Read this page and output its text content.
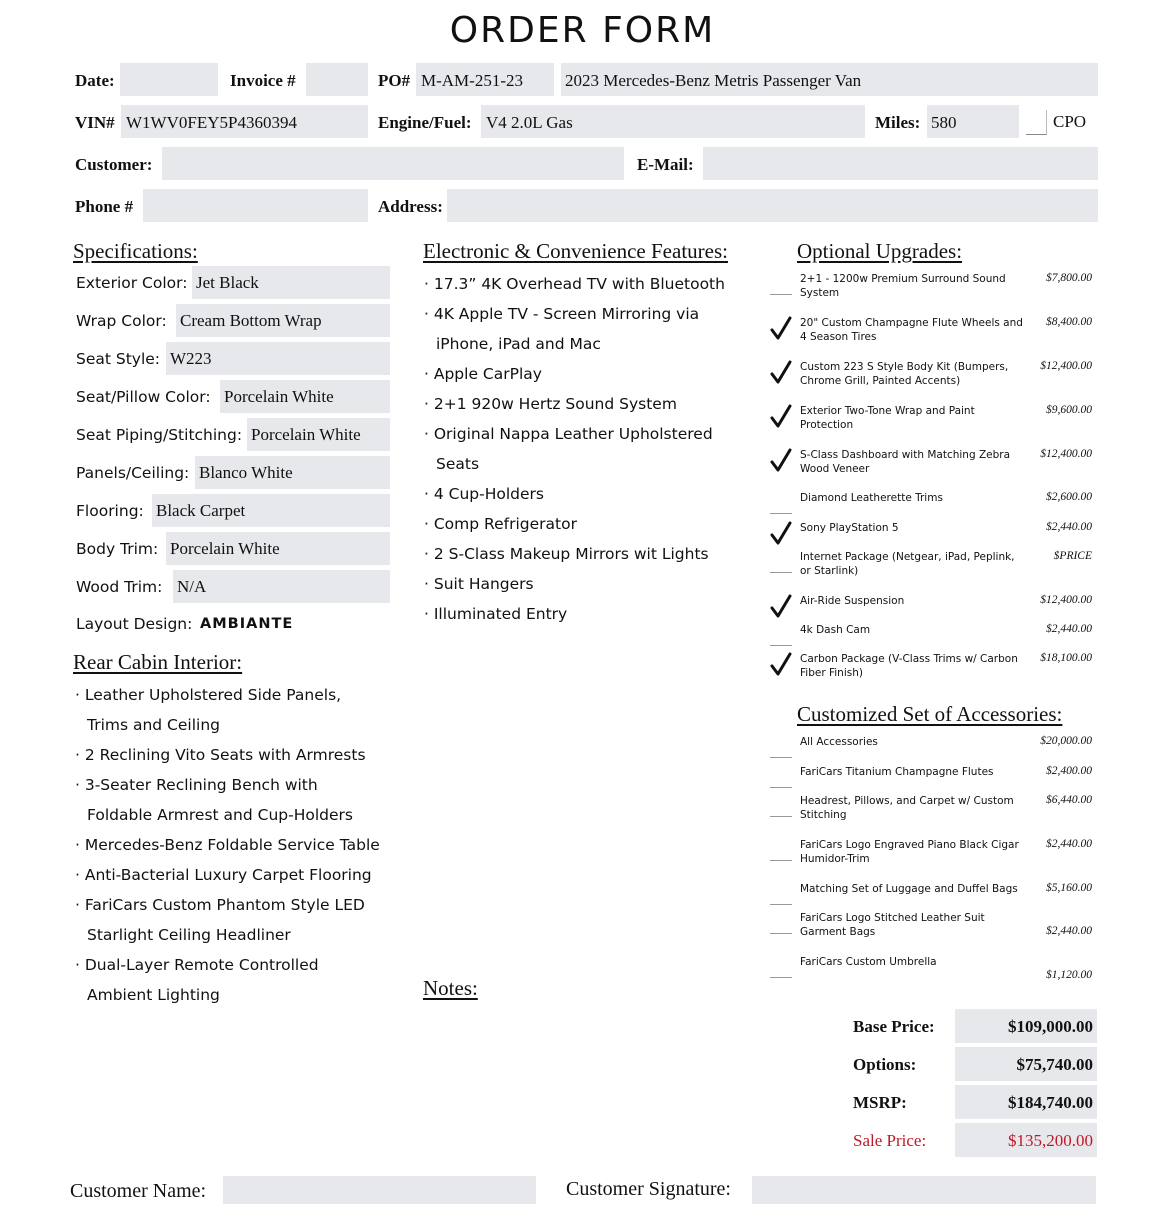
ORDER FORM
Date:	Invoice #	PO# M-AM-251-23 2023 Mercedes-Benz Metris Passenger Van
VIN# W1WV0FEY5P4360394	Engine/Fuel: V4 2.0L Gas	Miles: 580	CPO
Customer:	E-Mail:
Phone #	Address:
Specifications:
Exterior Color: Jet Black
Wrap Color: Cream Bottom Wrap
Seat Style: W223
Seat/Pillow Color: Porcelain White
Seat Piping/Stitching: Porcelain White
Panels/Ceiling: Blanco White
Flooring: Black Carpet
Body Trim: Porcelain White
Wood Trim: N/A
Layout Design: AMBIANTE
Rear Cabin Interior:
· Leather Upholstered Side Panels,
Trims and Ceiling
· 2 Reclining Vito Seats with Armrests
· 3-Seater Reclining Bench with
Foldable Armrest and Cup-Holders
· Mercedes-Benz Foldable Service Table
· Anti-Bacterial Luxury Carpet Flooring
· FariCars Custom Phantom Style LED
Starlight Ceiling Headliner
· Dual-Layer Remote Controlled
Ambient Lighting
Electronic & Convenience Features:
· 17.3” 4K Overhead TV with Bluetooth
· 4K Apple TV - Screen Mirroring via
iPhone, iPad and Mac
· Apple CarPlay
· 2+1 920w Hertz Sound System
· Original Nappa Leather Upholstered
Seats
· 4 Cup-Holders
· Comp Refrigerator
· 2 S-Class Makeup Mirrors wit Lights
· Suit Hangers
· Illuminated Entry
Notes:
Optional Upgrades:
2+1 - 1200w Premium Surround Sound System
$7,800.00
20" Custom Champagne Flute Wheels and 4 Season Tires
$8,400.00
Custom 223 S Style Body Kit (Bumpers, Chrome Grill, Painted Accents)
$12,400.00
Exterior Two-Tone Wrap and Paint Protection
$9,600.00
S-Class Dashboard with Matching Zebra Wood Veneer
$12,400.00
Diamond Leatherette Trims	$2,600.00
Sony PlayStation 5	$2,440.00
Internet Package (Netgear, iPad, Peplink, or Starlink)
$PRICE
Air-Ride Suspension	$12,400.00
4k Dash Cam	$2,440.00
Carbon Package (V-Class Trims w/ Carbon Fiber Finish)
$18,100.00
Customized Set of Accessories:
All Accessories	$20,000.00
FariCars Titanium Champagne Flutes	$2,400.00
Headrest, Pillows, and Carpet w/ Custom Stitching
$6,440.00
FariCars Logo Engraved Piano Black Cigar Humidor-Trim
$2,440.00
Matching Set of Luggage and Duffel Bags	$5,160.00
FariCars Logo Stitched Leather Suit Garment Bags	$2,440.00
FariCars Custom Umbrella
$1,120.00
Base Price:	$109,000.00
Options:	$75,740.00
MSRP:	$184,740.00
Sale Price:	$135,200.00
Customer Name:	Customer Signature:
